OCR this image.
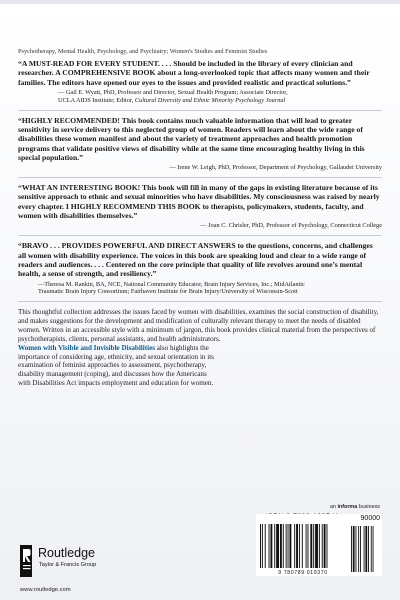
Psychotherapy, Mental Health, Psychology, and Psychiatry; Women's Studies and Feminist Studies

“A MUST-READ FOR EVERY STUDENT. . . . Should be included in the library of every clinician and researcher. A COMPREHENSIVE BOOK about a long-overlooked topic that affects many women and their families. The editors have opened our eyes to the issues and provided realistic and practical solutions.”

— Gail E. Wyatt, PhD, Professor and Director, Sexual Health Program; Associate Director,
UCLA AIDS Institute; Editor, Cultural Diversity and Ethnic Minority Psychology Journal

“HIGHLY RECOMMENDED! This book contains much valuable information that will lead to greater sensitivity in service delivery to this neglected group of women. Readers will learn about the wide range of disabilities these women manifest and about the variety of treatment approaches and health promotion programs that validate positive views of disability while at the same time encouraging healthy living in this special population.”

— Irene W. Leigh, PhD, Professor, Department of Psychology, Gallaudet University

“WHAT AN INTERESTING BOOK! This book will fill in many of the gaps in existing literature because of its sensitive approach to ethnic and sexual minorities who have disabilities. My consciousness was raised by nearly every chapter. I HIGHLY RECOMMEND THIS BOOK to therapists, policymakers, students, faculty, and women with disabilities themselves.”

— Joan C. Chrisler, PhD, Professor of Psychology, Connecticut College

“BRAVO . . . PROVIDES POWERFUL AND DIRECT ANSWERS to the questions, concerns, and challenges all women with disability experience. The voices in this book are speaking loud and clear to a wide range of readers and audiences. . . . Centered on the core principle that quality of life revolves around one’s mental health, a sense of strength, and resiliency.”

—Theresa M. Rankin, BA, NCE, National Community Educator, Brain Injury Services, Inc.; MidAtlantic
Traumatic Brain Injury Consortium; Fairhaven Institute for Brain Injury/University of Wisconsin-Scott

This thoughtful collection addresses the issues faced by women with disabilities, examines the social construction of disability, and makes suggestions for the development and modification of culturally relevant therapy to meet the needs of disabled women. Written in an accessible style with a minimum of jargon, this book provides clinical material from the perspectives of psychotherapists, clients, personal assistants, and health administrators.

Women with Visible and Invisible Disabilities also highlights the importance of considering age, ethnicity, and sexual orientation in its examination of feminist approaches to assessment, psychotherapy, disability management (coping), and discusses how the Americans with Disabilities Act impacts employment and education for women.

an informa business
9 780789 019370
90000
Routledge
Taylor & Francis Group
www.routledge.com
